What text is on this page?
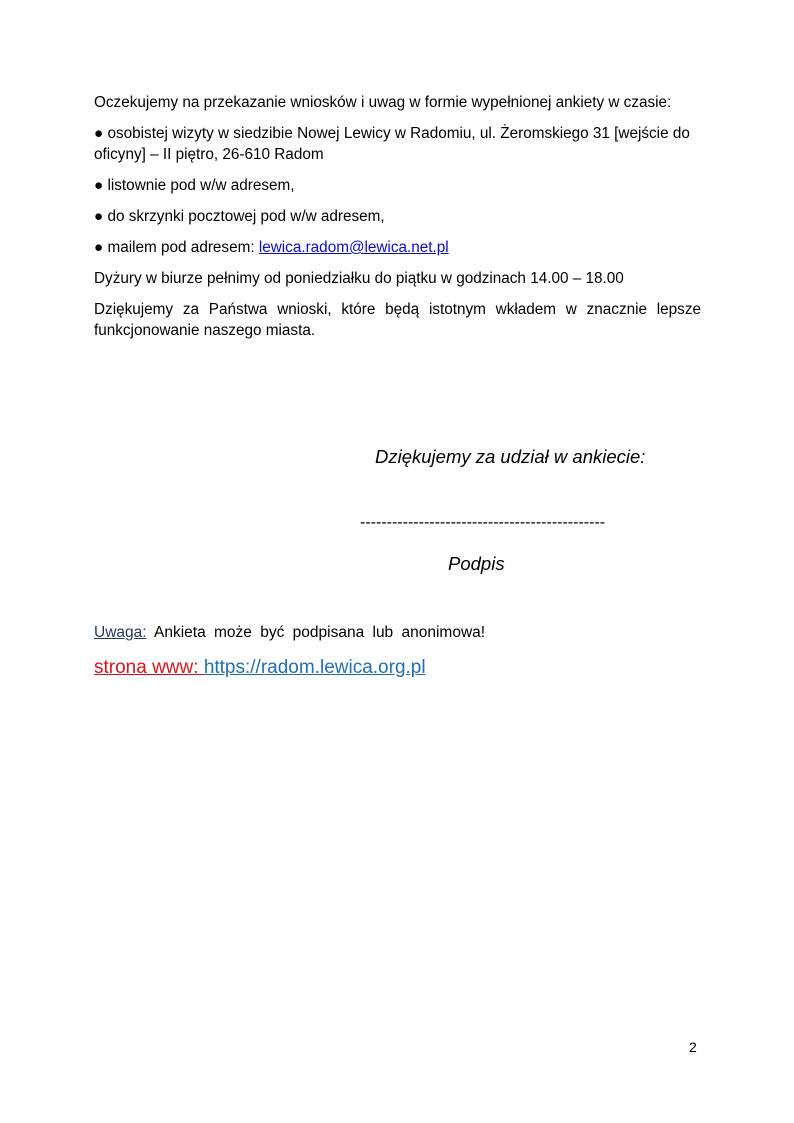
Oczekujemy na przekazanie wniosków i uwag w formie wypełnionej ankiety w czasie:

● osobistej wizyty w siedzibie Nowej Lewicy w Radomiu, ul. Żeromskiego 31 [wejście do oficyny] – II piętro, 26-610 Radom

● listownie pod w/w adresem,

● do skrzynki pocztowej pod w/w adresem,

● mailem pod adresem: lewica.radom@lewica.net.pl

Dyżury w biurze pełnimy od poniedziałku do piątku w godzinach 14.00 – 18.00

Dziękujemy za Państwa wnioski, które będą istotnym wkładem w znacznie lepsze funkcjonowanie naszego miasta.

Dziękujemy za udział w ankiecie:
----------------------------------------------
Podpis
Uwaga: Ankieta może być podpisana lub anonimowa!
strona www: https://radom.lewica.org.pl
2
